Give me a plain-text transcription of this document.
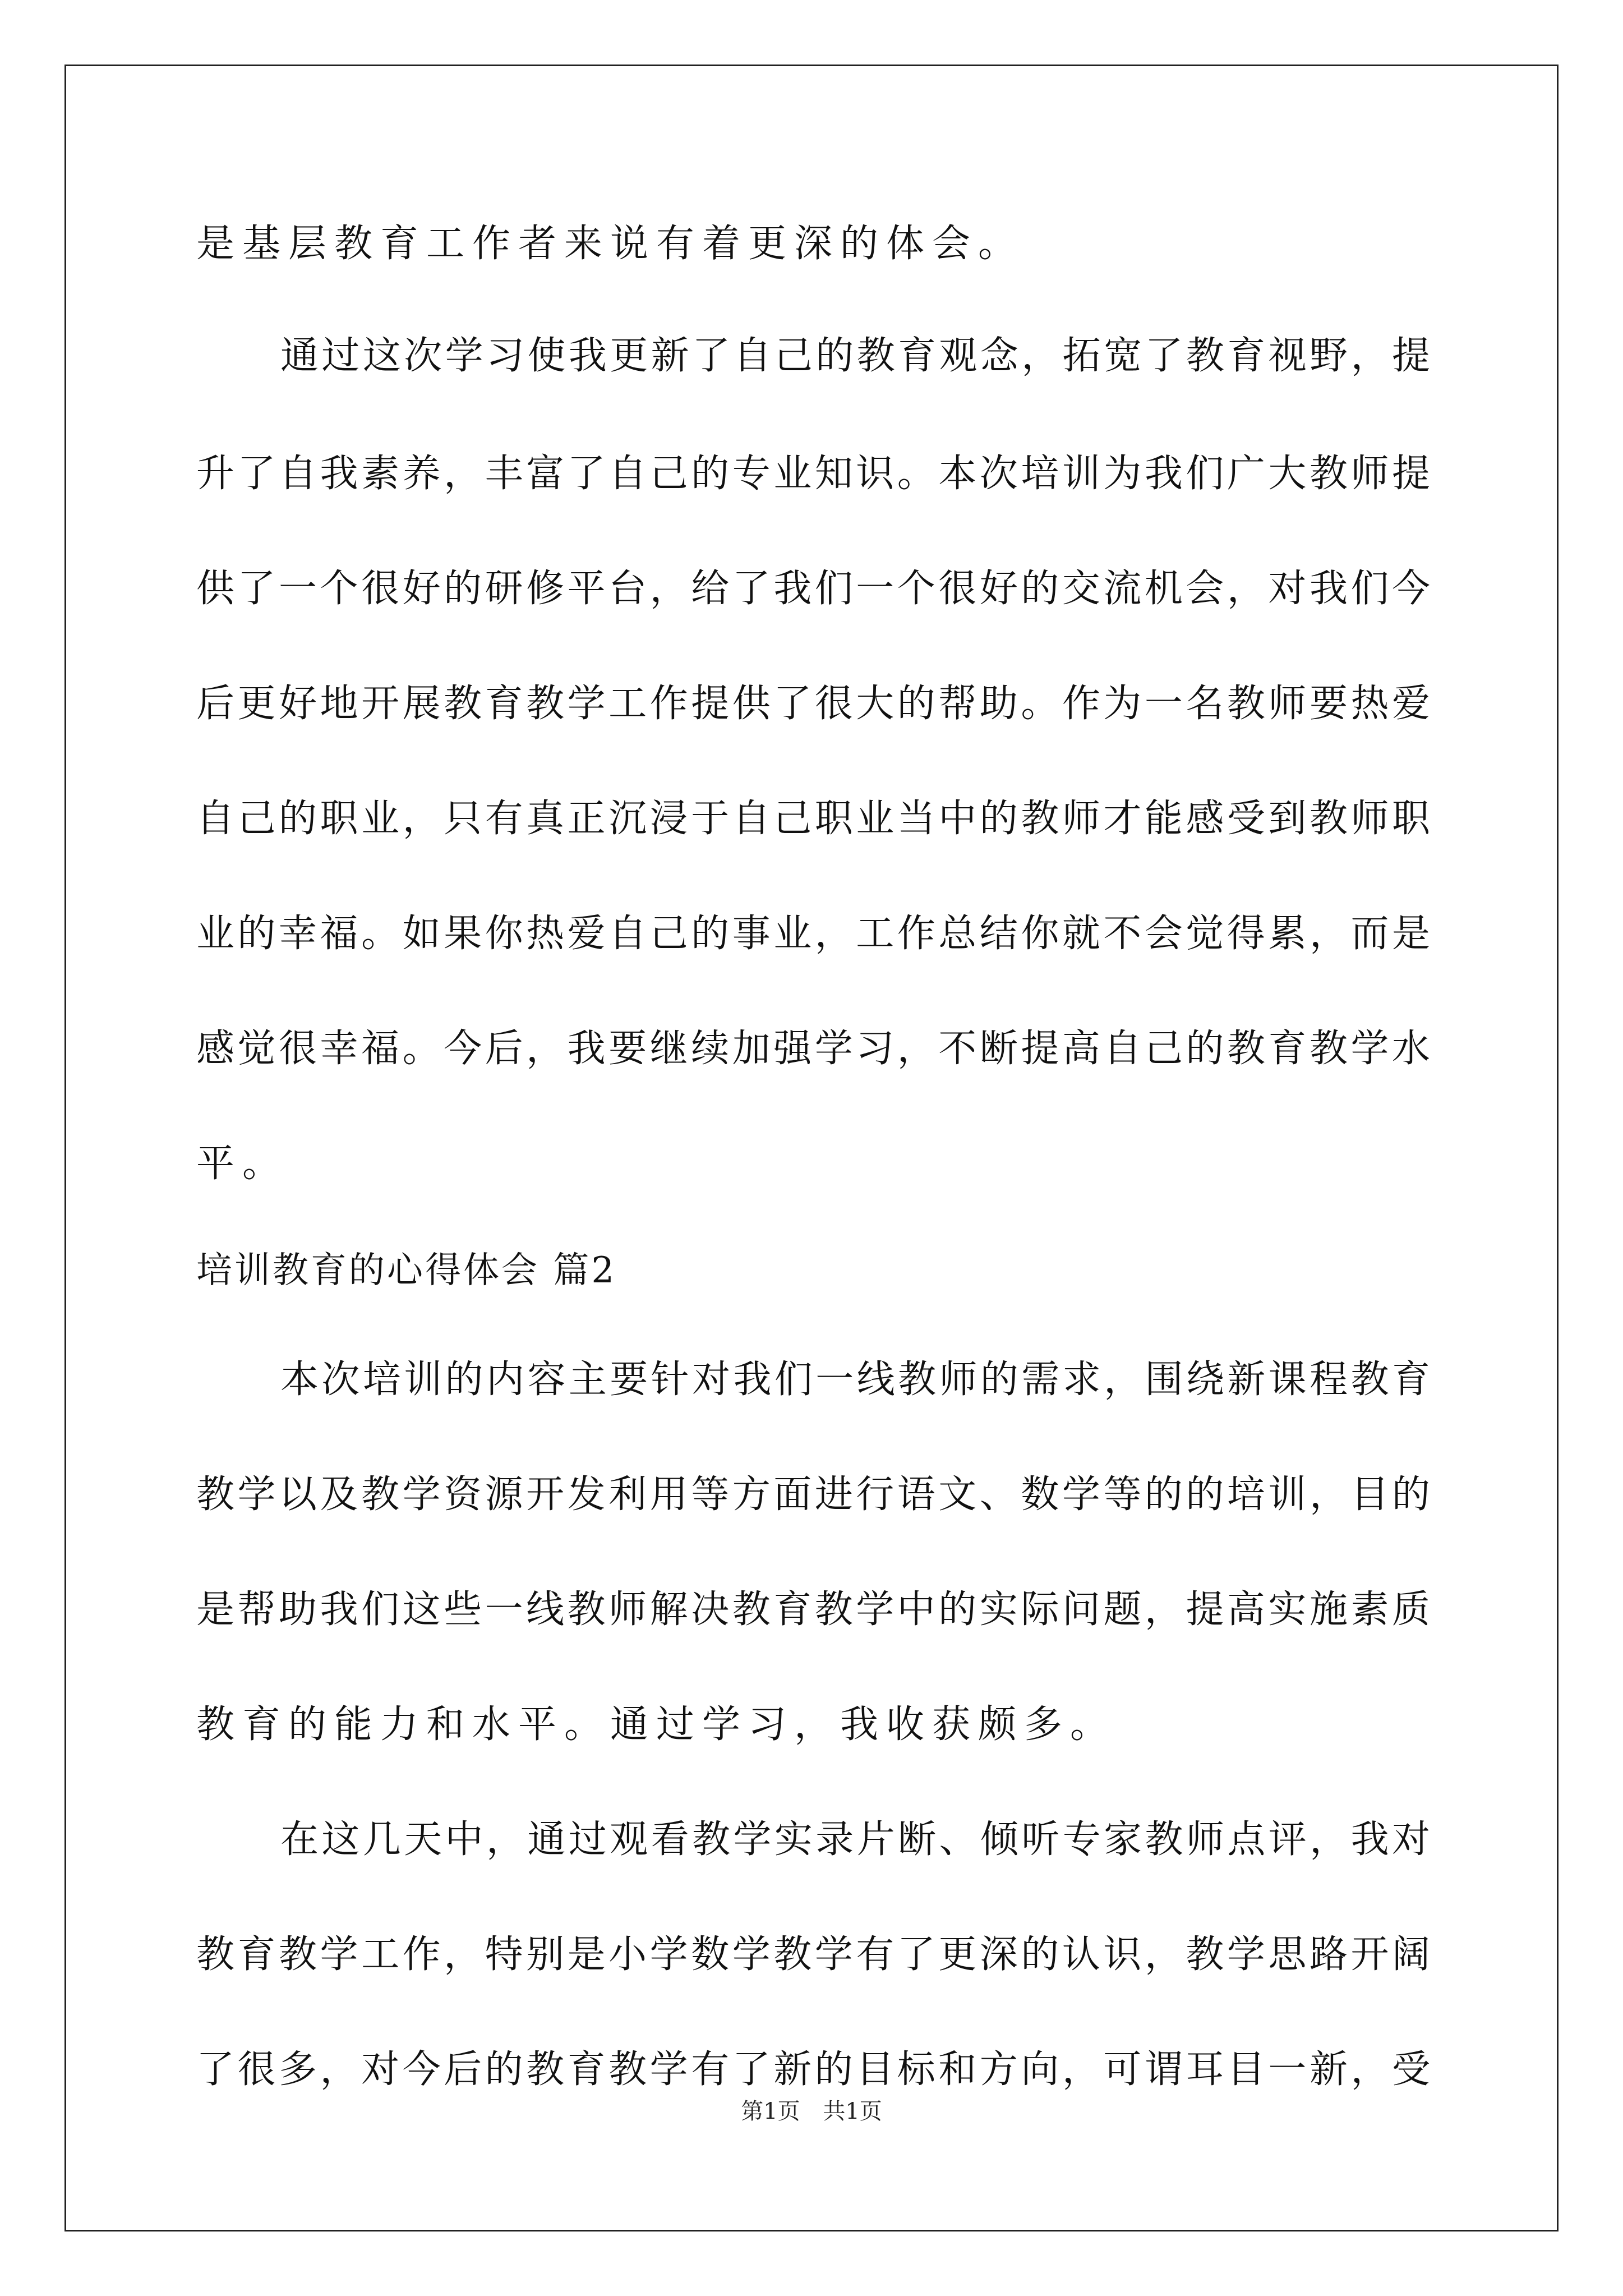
是基层教育工作者来说有着更深的体会。
通过这次学习使我更新了自己的教育观念，拓宽了教育视野，提
升了自我素养，丰富了自己的专业知识。本次培训为我们广大教师提
供了一个很好的研修平台，给了我们一个很好的交流机会，对我们今
后更好地开展教育教学工作提供了很大的帮助。作为一名教师要热爱
自己的职业，只有真正沉浸于自己职业当中的教师才能感受到教师职
业的幸福。如果你热爱自己的事业，工作总结你就不会觉得累，而是
感觉很幸福。今后，我要继续加强学习，不断提高自己的教育教学水
平。
培训教育的心得体会 篇2
本次培训的内容主要针对我们一线教师的需求，围绕新课程教育
教学以及教学资源开发利用等方面进行语文、数学等的的培训，目的
是帮助我们这些一线教师解决教育教学中的实际问题，提高实施素质
教育的能力和水平。通过学习，我收获颇多。
在这几天中，通过观看教学实录片断、倾听专家教师点评，我对
教育教学工作，特别是小学数学教学有了更深的认识，教学思路开阔
了很多，对今后的教育教学有了新的目标和方向，可谓耳目一新，受
第1页 共1页
